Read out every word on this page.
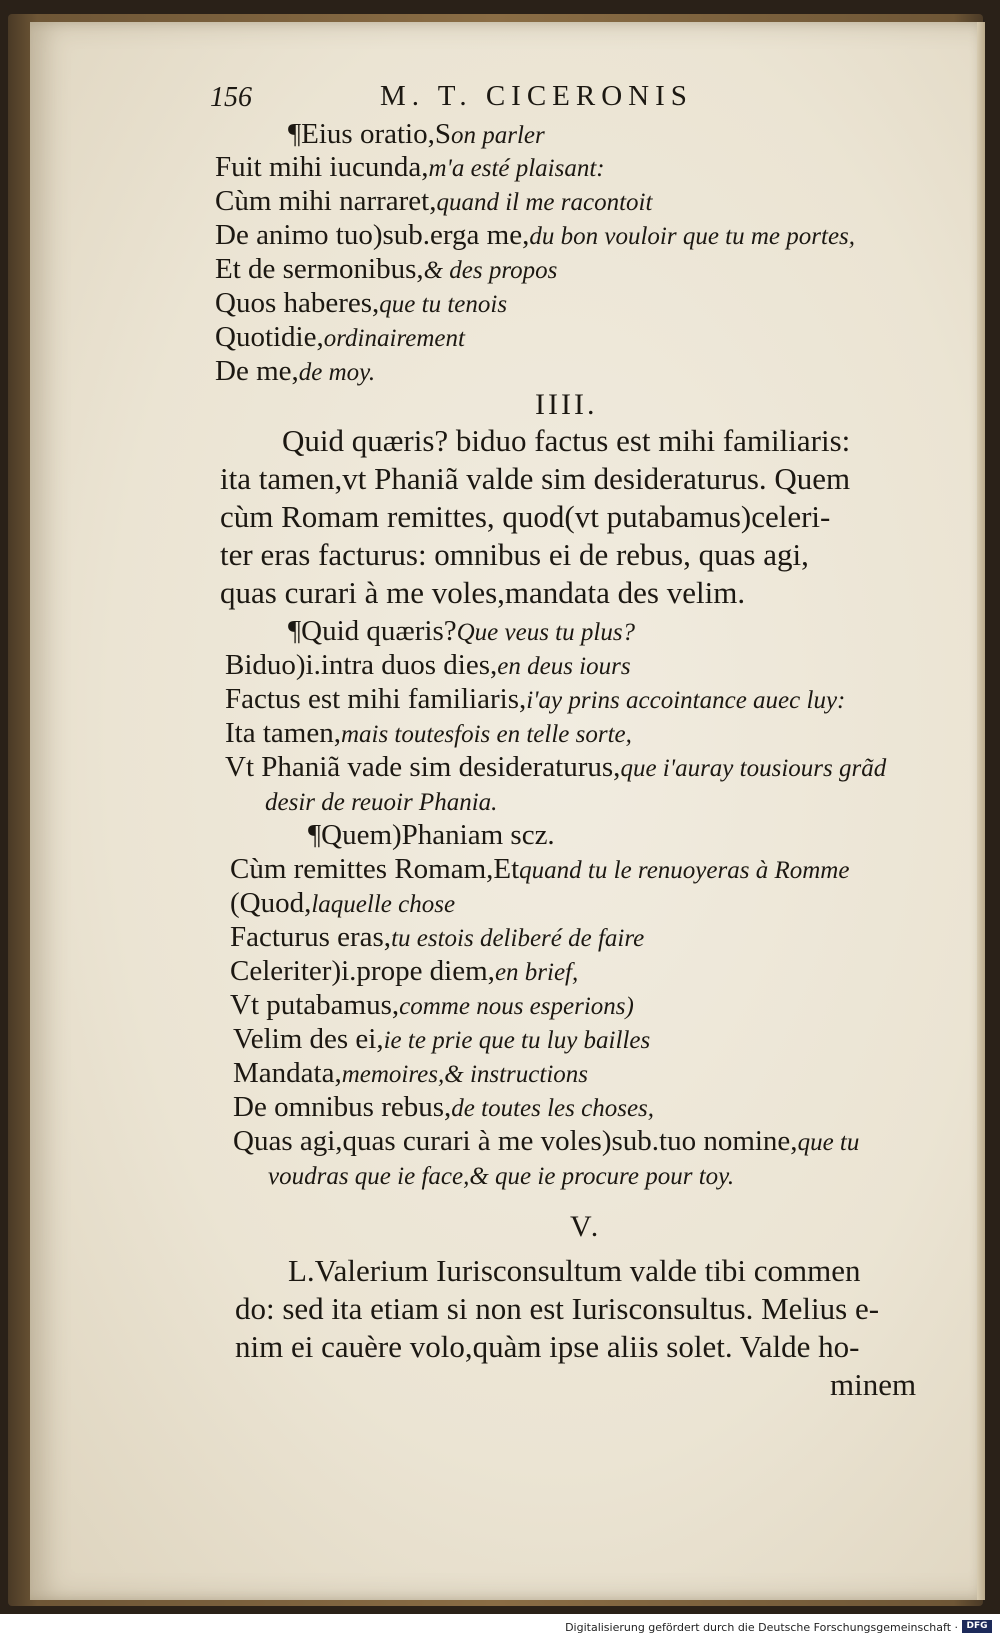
156	M. T. CICERONIS
¶Eius oratio,Son parler
Fuit mihi iucunda,m'a esté plaisant:
Cùm mihi narraret,quand il me racontoit
De animo tuo)sub.erga me,du bon vouloir que tu me portes,
Et de sermonibus,& des propos
Quos haberes,que tu tenois
Quotidie,ordinairement
De me,de moy.
IIII.
Quid quæris? biduo factus est mihi familiaris:
ita tamen,vt Phaniã valde sim desideraturus. Quem
cùm Romam remittes, quod(vt putabamus)celeri-
ter eras facturus: omnibus ei de rebus, quas agi,
quas curari à me voles,mandata des velim.
¶Quid quæris?Que veus tu plus?
Biduo)i.intra duos dies,en deus iours
Factus est mihi familiaris,i'ay prins accointance auec luy:
Ita tamen,mais toutesfois en telle sorte,
Vt Phaniã vade sim desideraturus,que i'auray tousiours grãd
desir de reuoir Phania.
¶Quem)Phaniam scz.
Cùm remittes Romam,Etquand tu le renuoyeras à Romme
(Quod,laquelle chose
Facturus eras,tu estois deliberé de faire
Celeriter)i.prope diem,en brief,
Vt putabamus,comme nous esperions)
Velim des ei,ie te prie que tu luy bailles
Mandata,memoires,& instructions
De omnibus rebus,de toutes les choses,
Quas agi,quas curari à me voles)sub.tuo nomine,que tu
voudras que ie face,& que ie procure pour toy.
V.
L.Valerium Iurisconsultum valde tibi commen
do: sed ita etiam si non est Iurisconsultus. Melius e-
nim ei cauère volo,quàm ipse aliis solet. Valde ho-
minem
Digitalisierung gefördert durch die Deutsche Forschungsgemeinschaft · DFG
